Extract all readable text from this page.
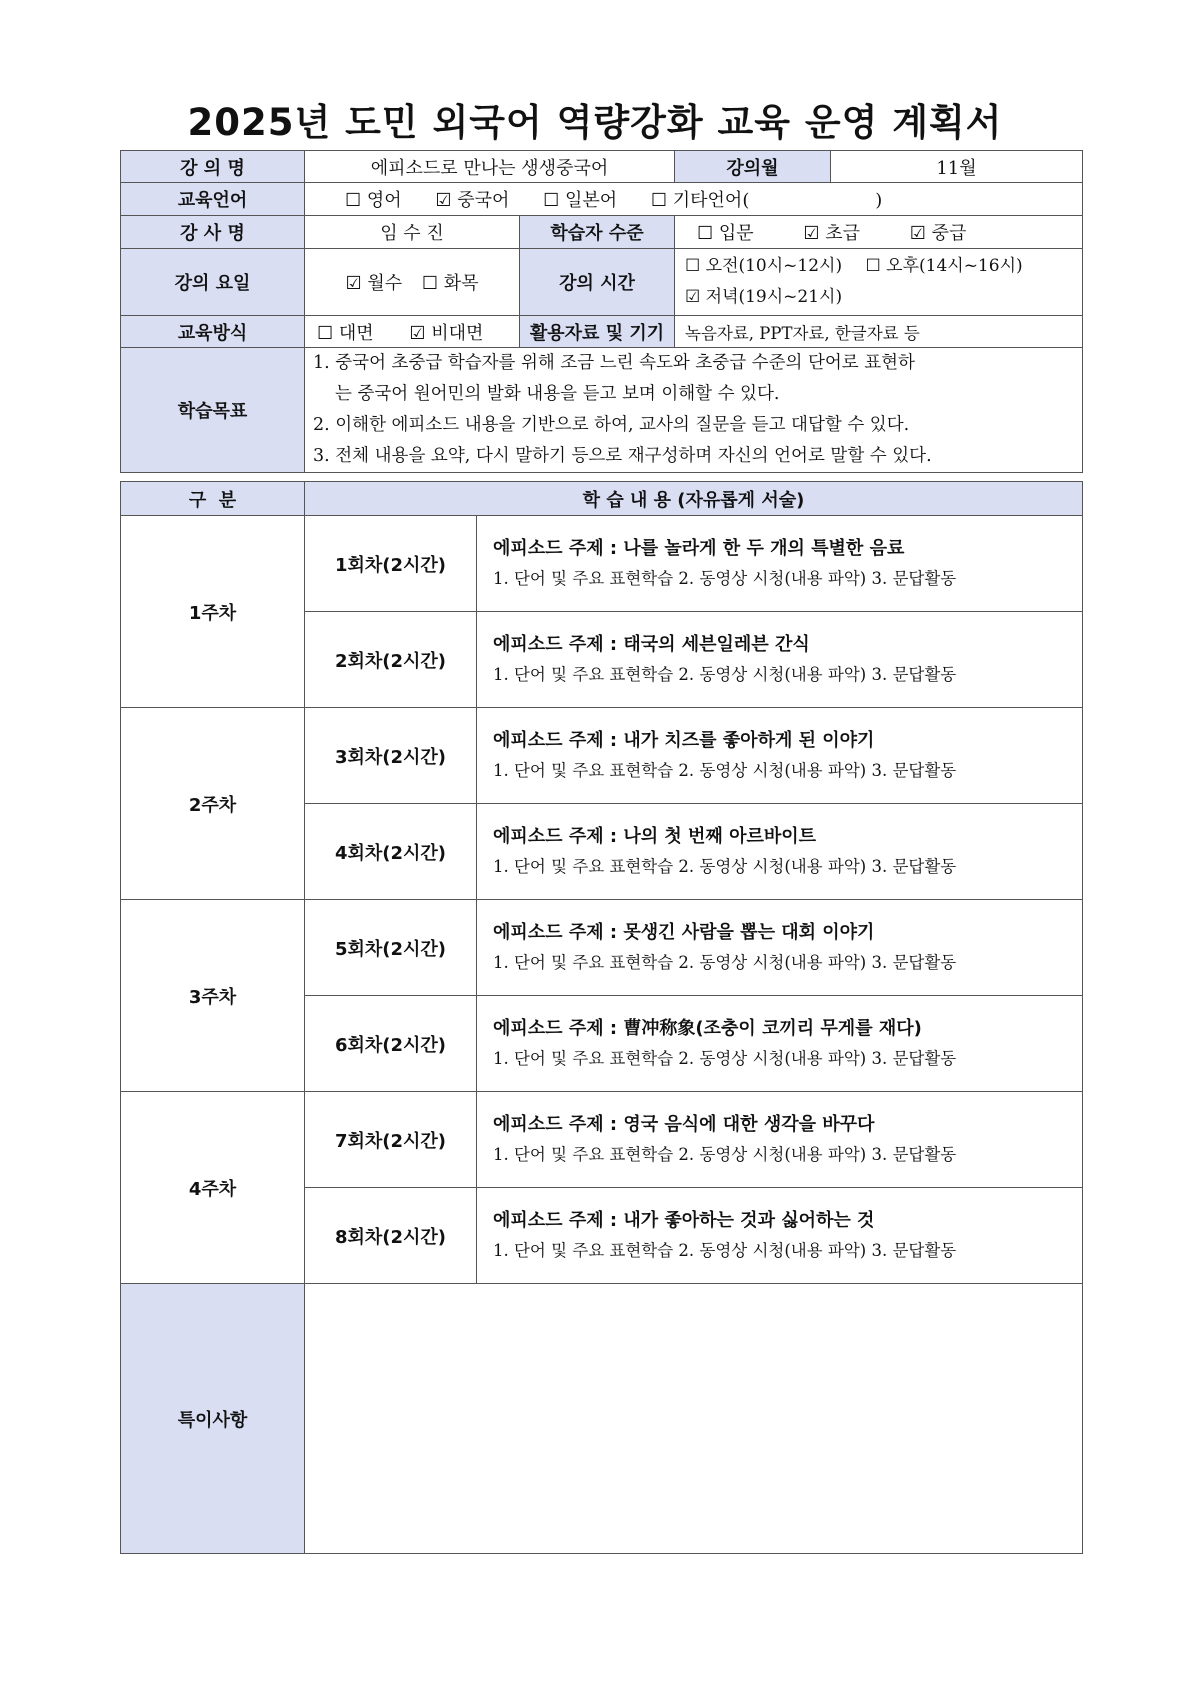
2025년 도민 외국어 역량강화 교육 운영 계획서
강 의 명	에피소드로 만나는 생생중국어		강의월	11월
교육언어	☐ 영어 ☑ 중국어 ☐ 일본어 ☐ 기타언어(                      )			
강 사 명	임 수 진	학습자 수준	☐ 입문 ☑ 초급 ☑ 중급	
강의 요일	☑ 월수 ☐ 화목	강의 시간	☐ 오전(10시~12시) ☐ 오후(14시~16시)
☑ 저녁(19시~21시)	

교육방식	☐ 대면 ☑ 비대면	활용자료 및 기기	녹음자료, PPT자료, 한글자료 등	
학습목표	1. 중국어 초중급 학습자를 위해 조금 느린 속도와 초중급 수준의 단어로 표현하
는 중국어 원어민의 발화 내용을 듣고 보며 이해할 수 있다.
2. 이해한 에피소드 내용을 기반으로 하여, 교사의 질문을 듣고 대답할 수 있다.
3. 전체 내용을 요약, 다시 말하기 등으로 재구성하며 자신의 언어로 말할 수 있다.			
구  분	학 습 내 용 (자유롭게 서술)	
1주차	1회차(2시간)	에피소드 주제 : 나를 놀라게 한 두 개의 특별한 음료
1. 단어 및 주요 표현학습 2. 동영상 시청(내용 파악) 3. 문답활동

	2회차(2시간)	에피소드 주제 : 태국의 세븐일레븐 간식
1. 단어 및 주요 표현학습 2. 동영상 시청(내용 파악) 3. 문답활동

2주차	3회차(2시간)	에피소드 주제 : 내가 치즈를 좋아하게 된 이야기
1. 단어 및 주요 표현학습 2. 동영상 시청(내용 파악) 3. 문답활동

	4회차(2시간)	에피소드 주제 : 나의 첫 번째 아르바이트
1. 단어 및 주요 표현학습 2. 동영상 시청(내용 파악) 3. 문답활동

3주차	5회차(2시간)	에피소드 주제 : 못생긴 사람을 뽑는 대회 이야기
1. 단어 및 주요 표현학습 2. 동영상 시청(내용 파악) 3. 문답활동

	6회차(2시간)	에피소드 주제 : 曹冲称象(조충이 코끼리 무게를 재다)
1. 단어 및 주요 표현학습 2. 동영상 시청(내용 파악) 3. 문답활동

4주차	7회차(2시간)	에피소드 주제 : 영국 음식에 대한 생각을 바꾸다
1. 단어 및 주요 표현학습 2. 동영상 시청(내용 파악) 3. 문답활동

	8회차(2시간)	에피소드 주제 : 내가 좋아하는 것과 싫어하는 것
1. 단어 및 주요 표현학습 2. 동영상 시청(내용 파악) 3. 문답활동

특이사항		
